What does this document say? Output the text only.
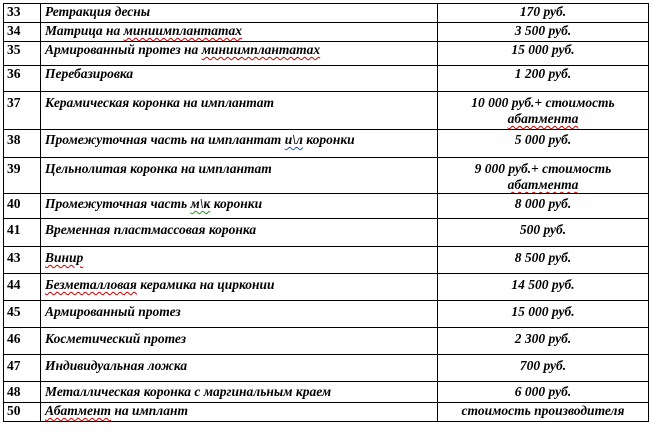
33	Ретракция десны	170 руб.
34	Матрица на миниимплантатах	3 500 руб.
35	Армированный протез на миниимплантатах	15 000 руб.
36	Перебазировка	1 200 руб.
37	Керамическая коронка на имплантат	10 000 руб.+ стоимость
абатмента
38	Промежуточная часть на имплантат и\л коронки	5 000 руб.
39	Цельнолитая коронка на имплантат	9 000 руб.+ стоимость
абатмента
40	Промежуточная часть м\к коронки	8 000 руб.
41	Временная пластмассовая коронка	500 руб.
43	Винир	8 500 руб.
44	Безметалловая керамика на цирконии	14 500 руб.
45	Армированный протез	15 000 руб.
46	Косметический протез	2 300 руб.
47	Индивидуальная ложка	700 руб.
48	Металлическая коронка с маргинальным краем	6 000 руб.
50	Абатмент на имплант	стоимость производителя
